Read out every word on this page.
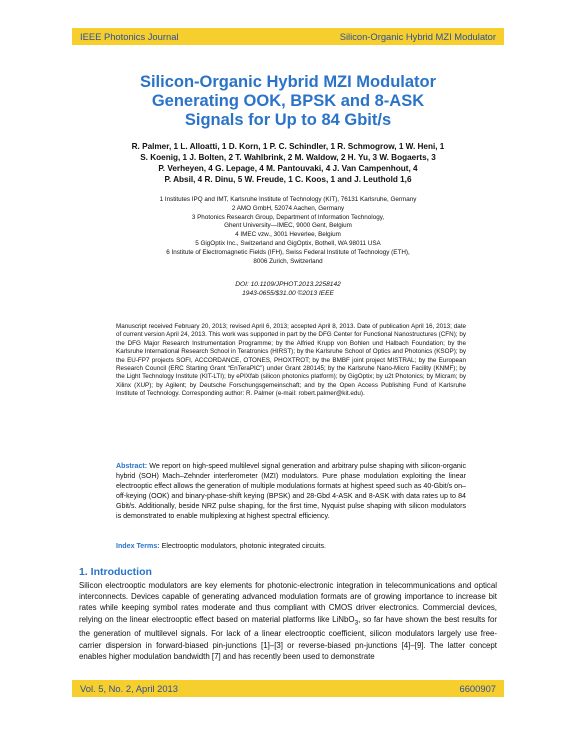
IEEE Photonics Journal	Silicon-Organic Hybrid MZI Modulator
Silicon-Organic Hybrid MZI Modulator
Generating OOK, BPSK and 8-ASK
Signals for Up to 84 Gbit/s
R. Palmer, 1 L. Alloatti, 1 D. Korn, 1 P. C. Schindler, 1 R. Schmogrow, 1 W. Heni, 1
S. Koenig, 1 J. Bolten, 2 T. Wahlbrink, 2 M. Waldow, 2 H. Yu, 3 W. Bogaerts, 3
P. Verheyen, 4 G. Lepage, 4 M. Pantouvaki, 4 J. Van Campenhout, 4
P. Absil, 4 R. Dinu, 5 W. Freude, 1 C. Koos, 1 and J. Leuthold 1,6
1 Institutes IPQ and IMT, Karlsruhe Institute of Technology (KIT), 76131 Karlsruhe, Germany
2 AMO GmbH, 52074 Aachen, Germany
3 Photonics Research Group, Department of Information Technology,
Ghent University—IMEC, 9000 Gent, Belgium
4 IMEC vzw., 3001 Heverlee, Belgium
5 GigOptix Inc., Switzerland and GigOptix, Bothell, WA 98011 USA
6 Institute of Electromagnetic Fields (IFH), Swiss Federal Institute of Technology (ETH),
8006 Zurich, Switzerland
DOI: 10.1109/JPHOT.2013.2258142
1943-0655/$31.00 ©2013 IEEE
Manuscript received February 20, 2013; revised April 6, 2013; accepted April 8, 2013. Date of publication April 16, 2013; date of current version April 24, 2013. This work was supported in part by the DFG Center for Functional Nanostructures (CFN); by the DFG Major Research Instrumentation Programme; by the Alfried Krupp von Bohlen und Halbach Foundation; by the Karlsruhe International Research School in Teratronics (HIRST); by the Karlsruhe School of Optics and Photonics (KSOP); by the EU-FP7 projects SOFI, ACCORDANCE, OTONES, PHOXTROT; by the BMBF joint project MISTRAL; by the European Research Council (ERC Starting Grant “EnTeraPIC”) under Grant 280145; by the Karlsruhe Nano-Micro Facility (KNMF); by the Light Technology Institute (KIT-LTI); by ePIXfab (silicon photonics platform); by GigOptix; by u2t Photonics; by Micram; by Xilinx (XUP); by Agilent; by Deutsche Forschungsgemeinschaft; and by the Open Access Publishing Fund of Karlsruhe Institute of Technology. Corresponding author: R. Palmer (e-mail: robert.palmer@kit.edu).
Abstract: We report on high-speed multilevel signal generation and arbitrary pulse shaping with silicon-organic hybrid (SOH) Mach–Zehnder interferometer (MZI) modulators. Pure phase modulation exploiting the linear electrooptic effect allows the generation of multiple modulations formats at highest speed such as 40-Gbit/s on–off-keying (OOK) and binary-phase-shift keying (BPSK) and 28-Gbd 4-ASK and 8-ASK with data rates up to 84 Gbit/s. Additionally, beside NRZ pulse shaping, for the first time, Nyquist pulse shaping with silicon modulators is demonstrated to enable multiplexing at highest spectral efficiency.
Index Terms: Electrooptic modulators, photonic integrated circuits.
1. Introduction
Silicon electrooptic modulators are key elements for photonic-electronic integration in telecommunications and optical interconnects. Devices capable of generating advanced modulation formats are of growing importance to increase bit rates while keeping symbol rates moderate and thus compliant with CMOS driver electronics. Commercial devices, relying on the linear electrooptic effect based on material platforms like LiNbO$_3$, so far have shown the best results for the generation of multilevel signals. For lack of a linear electrooptic coefficient, silicon modulators largely use free-carrier dispersion in forward-biased pin-junctions [1]–[3] or reverse-biased pn-junctions [4]–[9]. The latter concept enables higher modulation bandwidth [7] and has recently been used to demonstrate
Vol. 5, No. 2, April 2013	6600907
